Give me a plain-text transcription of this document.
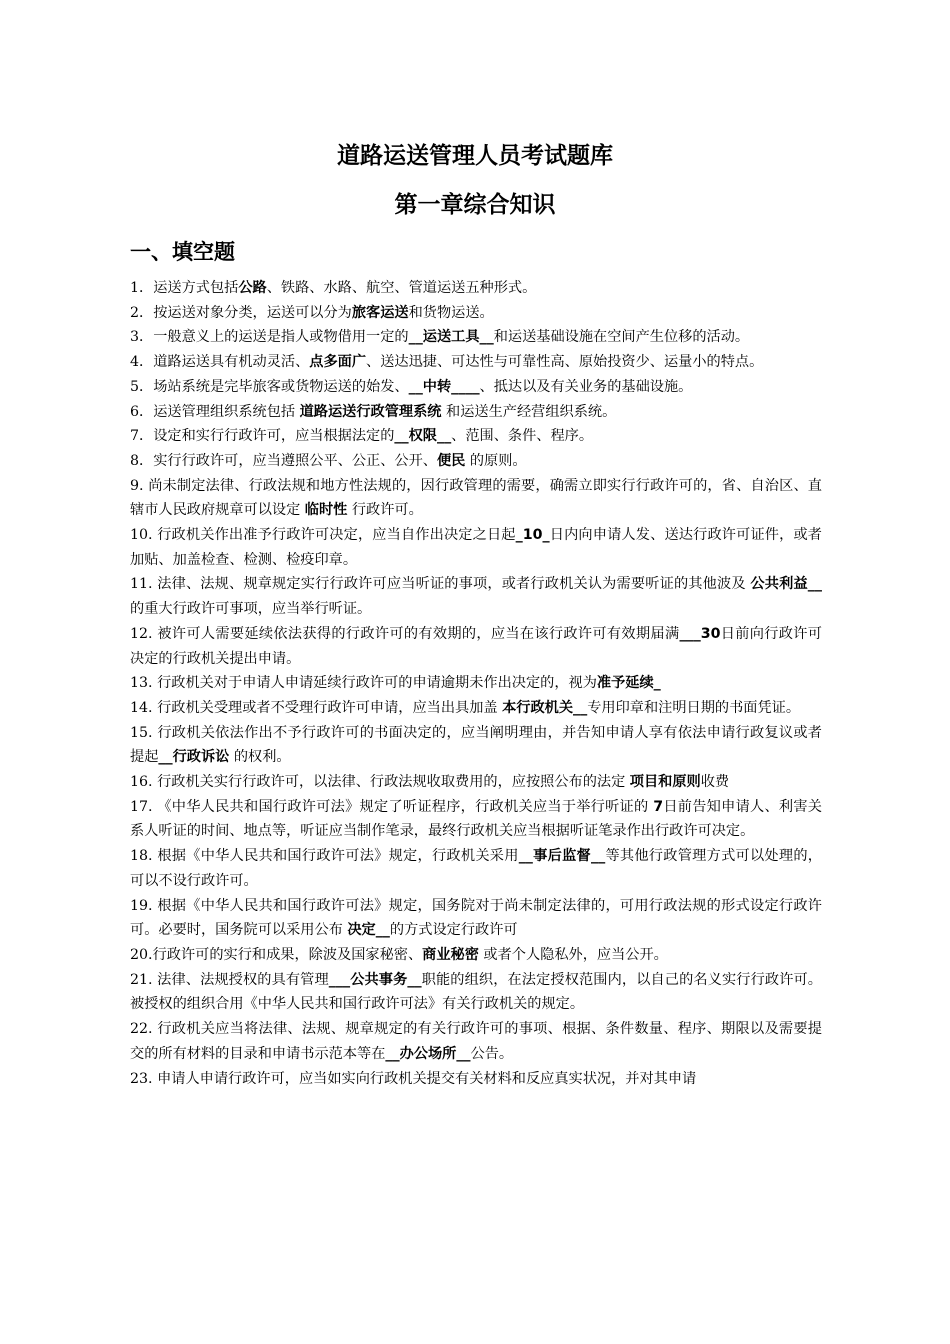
道路运送管理人员考试题库
第一章综合知识
一、填空题

1．运送方式包括公路、铁路、水路、航空、管道运送五种形式。

2．按运送对象分类，运送可以分为旅客运送和货物运送。

3．一般意义上的运送是指人或物借用一定的__运送工具__和运送基础设施在空间产生位移的活动。

4．道路运送具有机动灵活、点多面广、送达迅捷、可达性与可靠性高、原始投资少、运量小的特点。

5．场站系统是完毕旅客或货物运送的始发、__中转____、抵达以及有关业务的基础设施。

6．运送管理组织系统包括 道路运送行政管理系统 和运送生产经营组织系统。

7．设定和实行行政许可，应当根据法定的__权限__、范围、条件、程序。

8．实行行政许可，应当遵照公平、公正、公开、便民 的原则。

9. 尚未制定法律、行政法规和地方性法规的，因行政管理的需要，确需立即实行行政许可的，省、自治区、直辖市人民政府规章可以设定 临时性 行政许可。

10. 行政机关作出准予行政许可决定，应当自作出决定之日起_10_日内向申请人发、送达行政许可证件，或者加贴、加盖检查、检测、检疫印章。

11. 法律、法规、规章规定实行行政许可应当听证的事项，或者行政机关认为需要听证的其他波及 公共利益__的重大行政许可事项，应当举行听证。

12. 被许可人需要延续依法获得的行政许可的有效期的，应当在该行政许可有效期届满___30日前向行政许可决定的行政机关提出申请。

13. 行政机关对于申请人申请延续行政许可的申请逾期未作出决定的，视为准予延续_

14. 行政机关受理或者不受理行政许可申请，应当出具加盖 本行政机关__专用印章和注明日期的书面凭证。

15. 行政机关依法作出不予行政许可的书面决定的，应当阐明理由，并告知申请人享有依法申请行政复议或者提起__行政诉讼 的权利。

16. 行政机关实行行政许可，以法律、行政法规收取费用的，应按照公布的法定 项目和原则收费

17. 《中华人民共和国行政许可法》规定了听证程序，行政机关应当于举行听证的 7日前告知申请人、利害关系人听证的时间、地点等，听证应当制作笔录，最终行政机关应当根据听证笔录作出行政许可决定。

18. 根据《中华人民共和国行政许可法》规定，行政机关采用__事后监督__等其他行政管理方式可以处理的，可以不设行政许可。

19. 根据《中华人民共和国行政许可法》规定，国务院对于尚未制定法律的，可用行政法规的形式设定行政许可。必要时，国务院可以采用公布 决定__的方式设定行政许可

20.行政许可的实行和成果，除波及国家秘密、商业秘密 或者个人隐私外，应当公开。

21. 法律、法规授权的具有管理___公共事务__职能的组织，在法定授权范围内，以自己的名义实行行政许可。被授权的组织合用《中华人民共和国行政许可法》有关行政机关的规定。

22. 行政机关应当将法律、法规、规章规定的有关行政许可的事项、根据、条件数量、程序、期限以及需要提交的所有材料的目录和申请书示范本等在__办公场所__公告。

23. 申请人申请行政许可，应当如实向行政机关提交有关材料和反应真实状况，并对其申请
